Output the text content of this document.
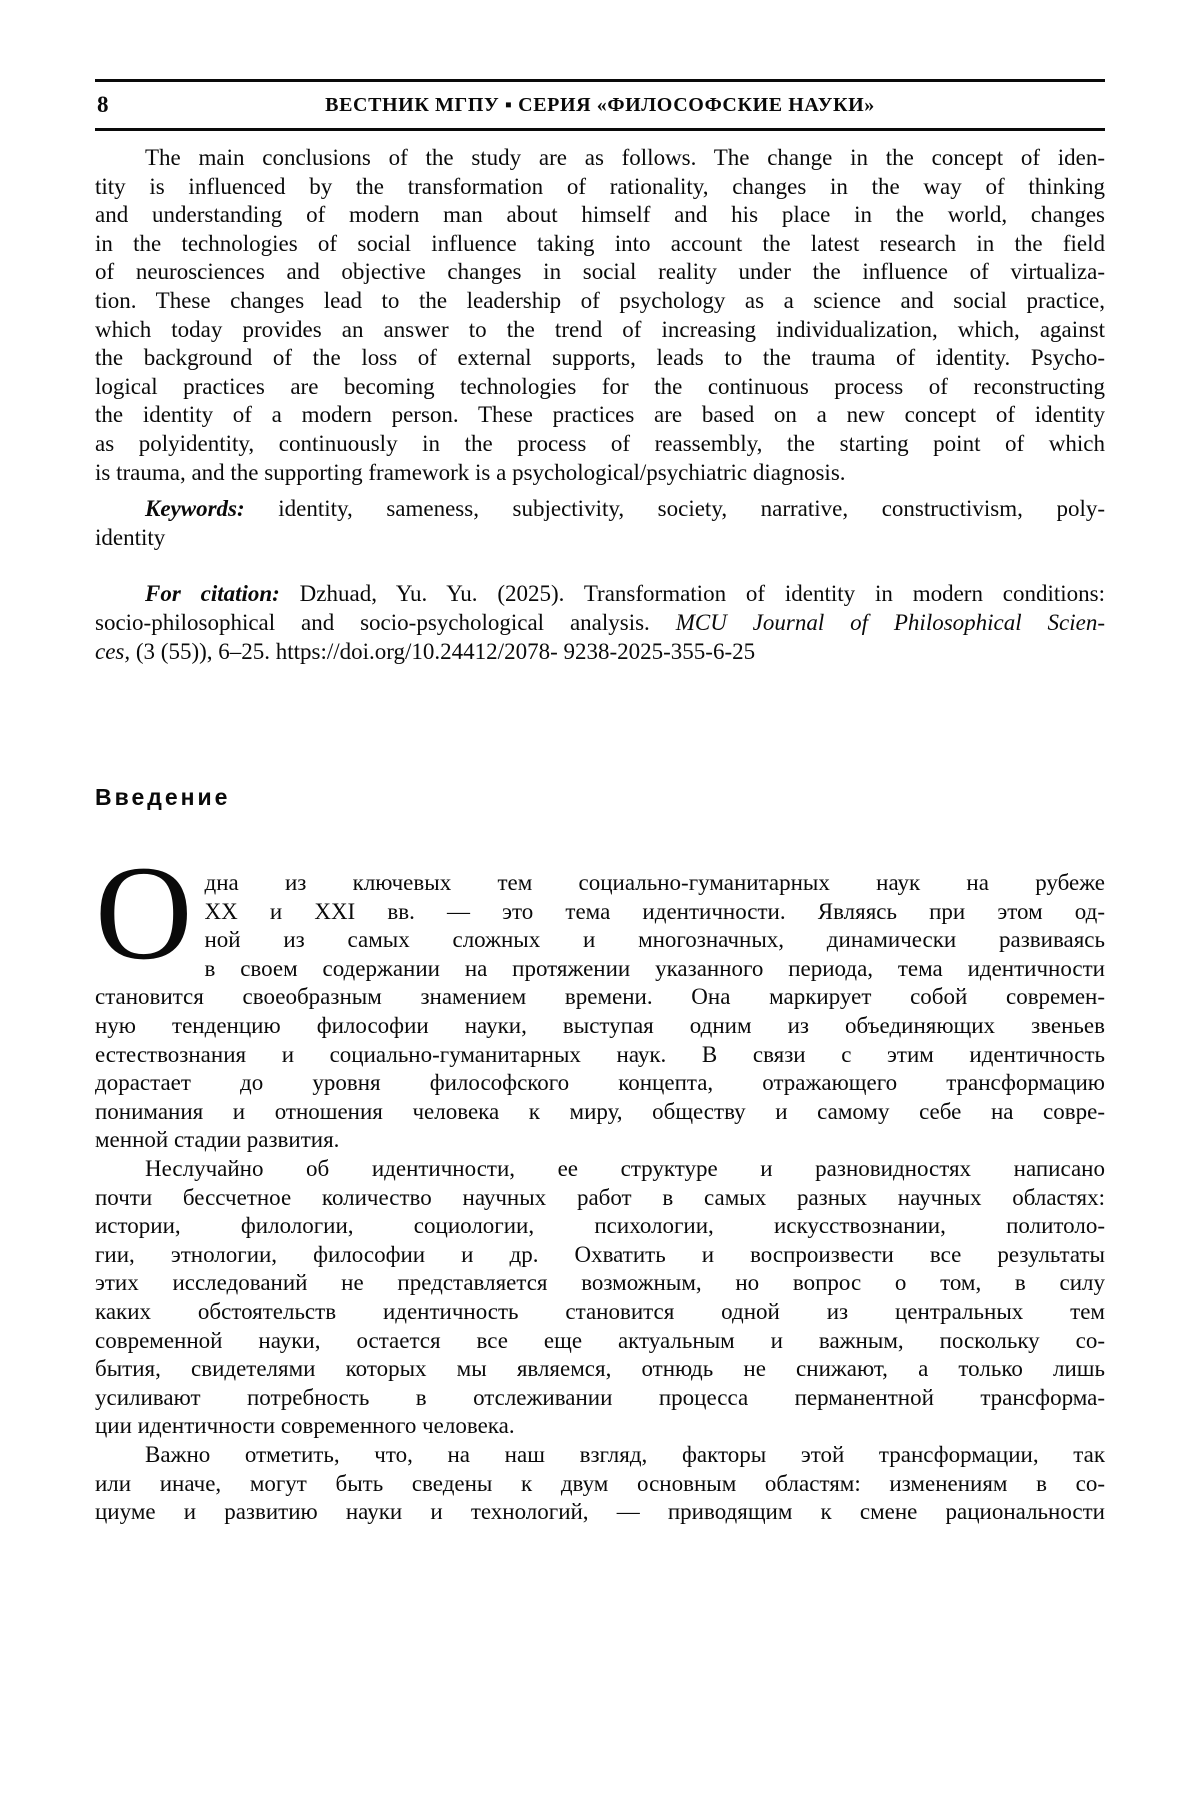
8	ВЕСТНИК МГПУ ▪ СЕРИЯ «ФИЛОСОФСКИЕ НАУКИ»
The main conclusions of the study are as follows. The change in the concept of iden-
tity is influenced by the transformation of rationality, changes in the way of thinking
and understanding of modern man about himself and his place in the world, changes
in the technologies of social influence taking into account the latest research in the field
of neurosciences and objective changes in social reality under the influence of virtualiza-
tion. These changes lead to the leadership of psychology as a science and social practice,
which today provides an answer to the trend of increasing individualization, which, against
the background of the loss of external supports, leads to the trauma of identity. Psycho-
logical practices are becoming technologies for the continuous process of reconstructing
the identity of a modern person. These practices are based on a new concept of identity
as polyidentity, continuously in the process of reassembly, the starting point of which
is trauma, and the supporting framework is a psychological/psychiatric diagnosis.
Keywords: identity, sameness, subjectivity, society, narrative, constructivism, poly-
identity
For citation: Dzhuad, Yu. Yu. (2025). Transformation of identity in modern conditions:
socio-philosophical and socio-psychological analysis. MCU Journal of Philosophical Scien-
ces, (3 (55)), 6–25. https://doi.org/10.24412/2078- 9238-2025-355-6-25
Введение
О дна из ключевых тем социально-гуманитарных наук на рубеже
XX и XXI вв. — это тема идентичности. Являясь при этом од-
ной из самых сложных и многозначных, динамически развиваясь
в своем содержании на протяжении указанного периода, тема идентичности
становится своеобразным знамением времени. Она маркирует собой современ-
ную тенденцию философии науки, выступая одним из объединяющих звеньев
естествознания и социально-гуманитарных наук. В связи с этим идентичность
дорастает до уровня философского концепта, отражающего трансформацию
понимания и отношения человека к миру, обществу и самому себе на совре-
менной стадии развития.
Неслучайно об идентичности, ее структуре и разновидностях написано
почти бессчетное количество научных работ в самых разных научных областях:
истории, филологии, социологии, психологии, искусствознании, политоло-
гии, этнологии, философии и др. Охватить и воспроизвести все результаты
этих исследований не представляется возможным, но вопрос о том, в силу
каких обстоятельств идентичность становится одной из центральных тем
современной науки, остается все еще актуальным и важным, поскольку со-
бытия, свидетелями которых мы являемся, отнюдь не снижают, а только лишь
усиливают потребность в отслеживании процесса перманентной трансформа-
ции идентичности современного человека.
Важно отметить, что, на наш взгляд, факторы этой трансформации, так
или иначе, могут быть сведены к двум основным областям: изменениям в со-
циуме и развитию науки и технологий, — приводящим к смене рациональности
